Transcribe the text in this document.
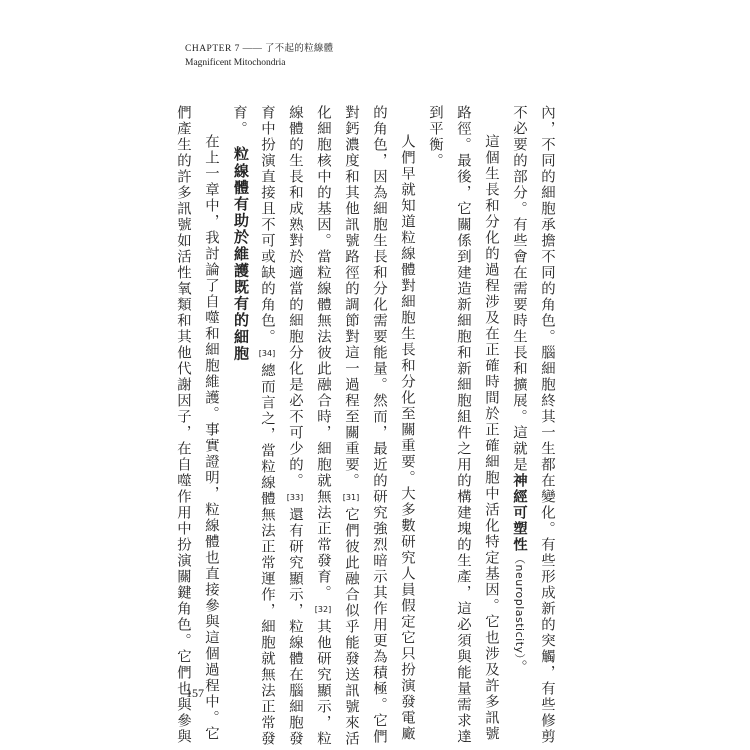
CHAPTER 7 —— 了不起的粒線體
Magnificent Mitochondria
內，不同的細胞承擔不同的角色。腦細胞終其一生都在變化。有些形成新的突觸，有些修剪
不必要的部分。有些會在需要時生長和擴展。這就是神經可塑性（neuroplasticity）。
這個生長和分化的過程涉及在正確時間於正確細胞中活化特定基因。它也涉及許多訊號
路徑。最後，它關係到建造新細胞和新細胞組件之用的構建塊的生產，這必須與能量需求達
到平衡。
人們早就知道粒線體對細胞生長和分化至關重要。大多數研究人員假定它只扮演發電廠
的角色，因為細胞生長和分化需要能量。然而，最近的研究強烈暗示其作用更為積極。它們
對鈣濃度和其他訊號路徑的調節對這一過程至關重要。[31]它們彼此融合似乎能發送訊號來活
化細胞核中的基因。當粒線體無法彼此融合時，細胞就無法正常發育。[32]其他研究顯示，粒
線體的生長和成熟對於適當的細胞分化是必不可少的。[33]還有研究顯示，粒線體在腦細胞發
育中扮演直接且不可或缺的角色。[34]總而言之，當粒線體無法正常運作，細胞就無法正常發
育。
粒線體有助於維護既有的細胞
在上一章中，我討論了自噬和細胞維護。事實證明，粒線體也直接參與這個過程中。它
們產生的許多訊號如活性氧類和其他代謝因子，在自噬作用中扮演關鍵角色。它們也與參與
157
